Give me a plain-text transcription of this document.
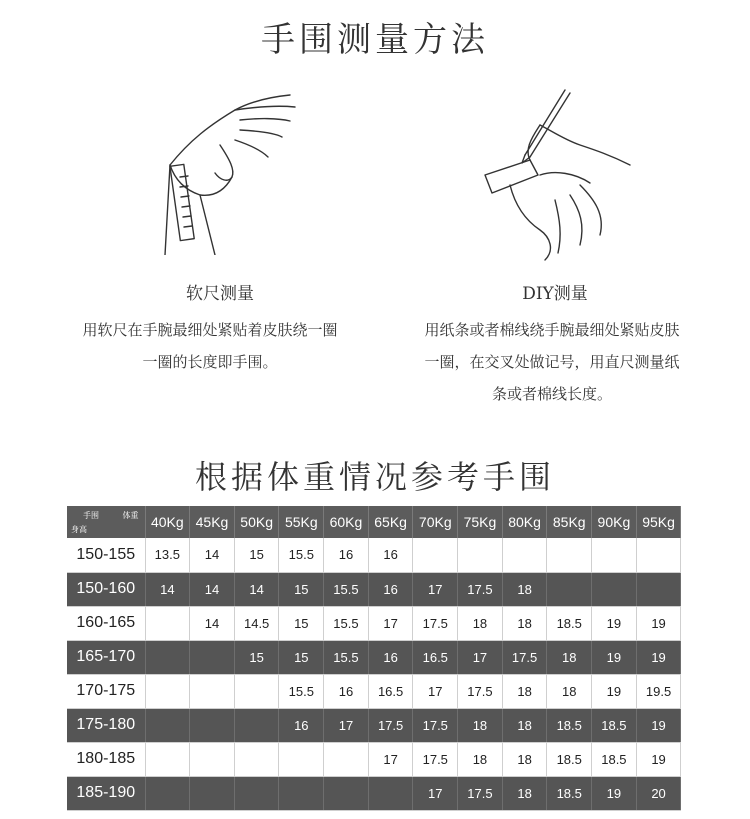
手围测量方法
软尺测量	DIY测量
用软尺在手腕最细处紧贴着皮肤绕一圈
一圈的长度即手围。
用纸条或者棉线绕手腕最细处紧贴皮肤
一圈，在交叉处做记号，用直尺测量纸
条或者棉线长度。
根据体重情况参考手围
手围 体重
身高	40Kg	45Kg	50Kg	55Kg	60Kg	65Kg	70Kg	75Kg	80Kg	85Kg	90Kg	95Kg
150-155	13.5	14	15	15.5	16	16						
150-160	14	14	14	15	15.5	16	17	17.5	18			
160-165		14	14.5	15	15.5	17	17.5	18	18	18.5	19	19
165-170			15	15	15.5	16	16.5	17	17.5	18	19	19
170-175				15.5	16	16.5	17	17.5	18	18	19	19.5
175-180				16	17	17.5	17.5	18	18	18.5	18.5	19
180-185						17	17.5	18	18	18.5	18.5	19
185-190							17	17.5	18	18.5	19	20
